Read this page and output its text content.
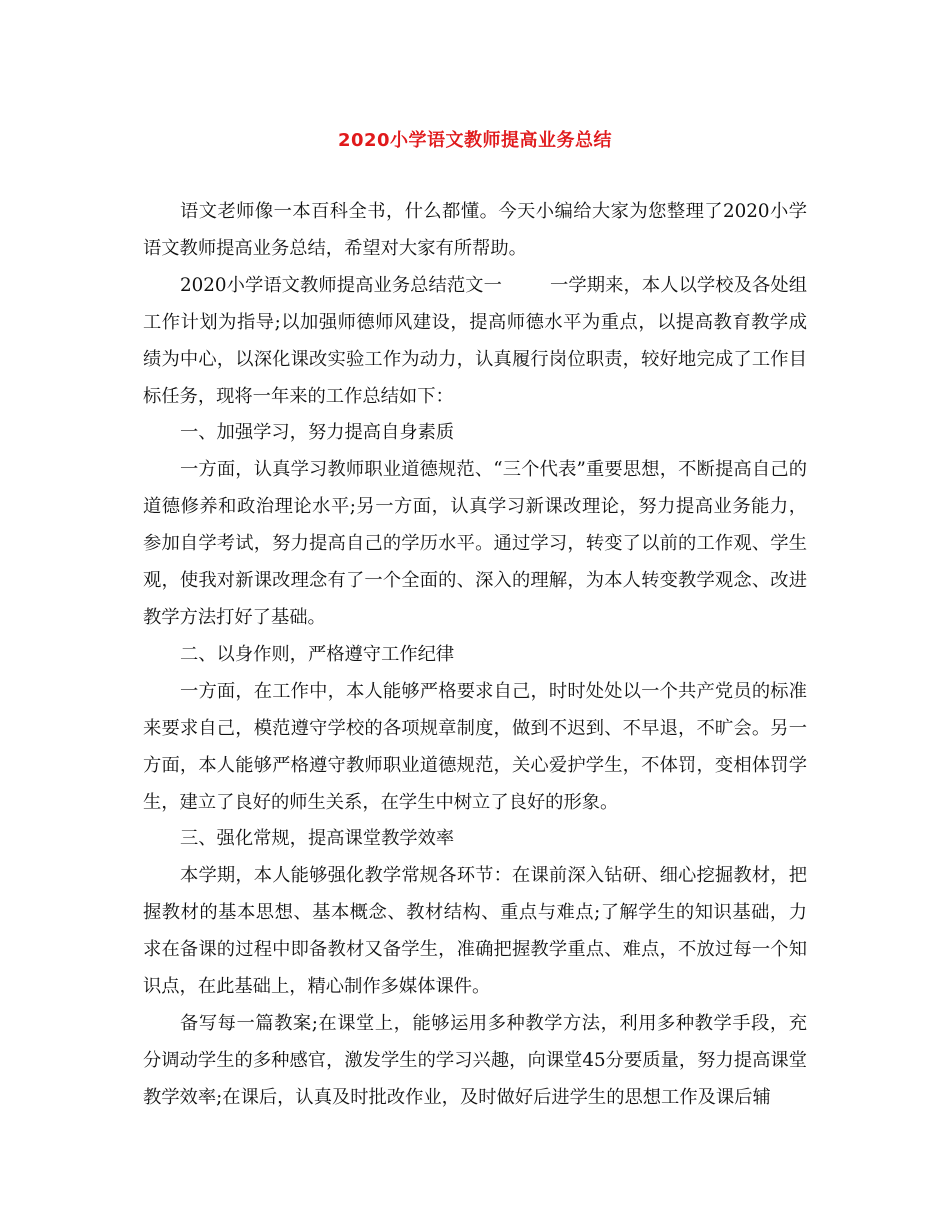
2020小学语文教师提高业务总结

语文老师像一本百科全书，什么都懂。今天小编给大家为您整理了2020小学语文教师提高业务总结，希望对大家有所帮助。

2020小学语文教师提高业务总结范文一	一学期来，本人以学校及各处组工作计划为指导;以加强师德师风建设，提高师德水平为重点，以提高教育教学成绩为中心，以深化课改实验工作为动力，认真履行岗位职责，较好地完成了工作目标任务，现将一年来的工作总结如下：

一、加强学习，努力提高自身素质

一方面，认真学习教师职业道德规范、“三个代表”重要思想，不断提高自己的道德修养和政治理论水平;另一方面，认真学习新课改理论，努力提高业务能力，参加自学考试，努力提高自己的学历水平。通过学习，转变了以前的工作观、学生观，使我对新课改理念有了一个全面的、深入的理解，为本人转变教学观念、改进教学方法打好了基础。

二、以身作则，严格遵守工作纪律

一方面，在工作中，本人能够严格要求自己，时时处处以一个共产党员的标准来要求自己，模范遵守学校的各项规章制度，做到不迟到、不早退，不旷会。另一方面，本人能够严格遵守教师职业道德规范，关心爱护学生，不体罚，变相体罚学生，建立了良好的师生关系，在学生中树立了良好的形象。

三、强化常规，提高课堂教学效率

本学期，本人能够强化教学常规各环节：在课前深入钻研、细心挖掘教材，把握教材的基本思想、基本概念、教材结构、重点与难点;了解学生的知识基础，力求在备课的过程中即备教材又备学生，准确把握教学重点、难点，不放过每一个知识点，在此基础上，精心制作多媒体课件。

备写每一篇教案;在课堂上，能够运用多种教学方法，利用多种教学手段，充分调动学生的多种感官，激发学生的学习兴趣，向课堂45分要质量，努力提高课堂教学效率;在课后，认真及时批改作业，及时做好后进学生的思想工作及课后辅
